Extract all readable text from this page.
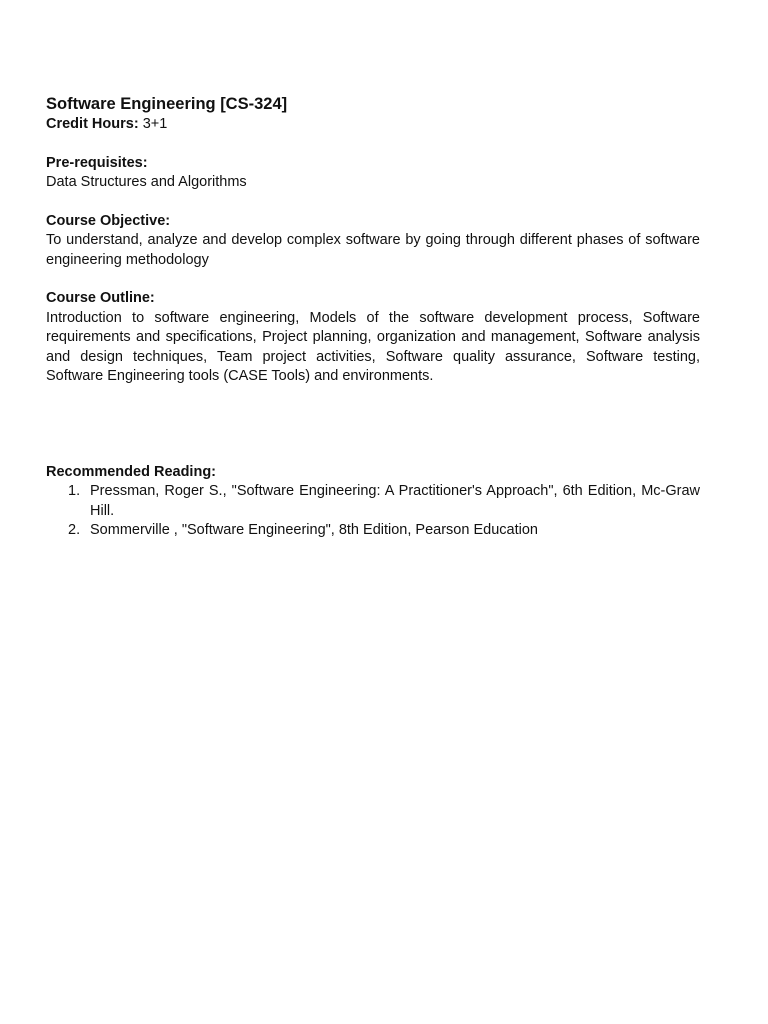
Software Engineering [CS-324]

Credit Hours: 3+1

Pre-requisites:

Data Structures and Algorithms

Course Objective:

To understand, analyze and develop complex software by going through different phases of software engineering methodology

Course Outline:

Introduction to software engineering, Models of the software development process, Software requirements and specifications, Project planning, organization and management, Software analysis and design techniques, Team project activities, Software quality assurance, Software testing, Software Engineering tools (CASE Tools) and environments.

Recommended Reading:

1. Pressman, Roger S., "Software Engineering: A Practitioner's Approach", 6th Edition, Mc-Graw Hill.
2. Sommerville , "Software Engineering", 8th Edition, Pearson Education
